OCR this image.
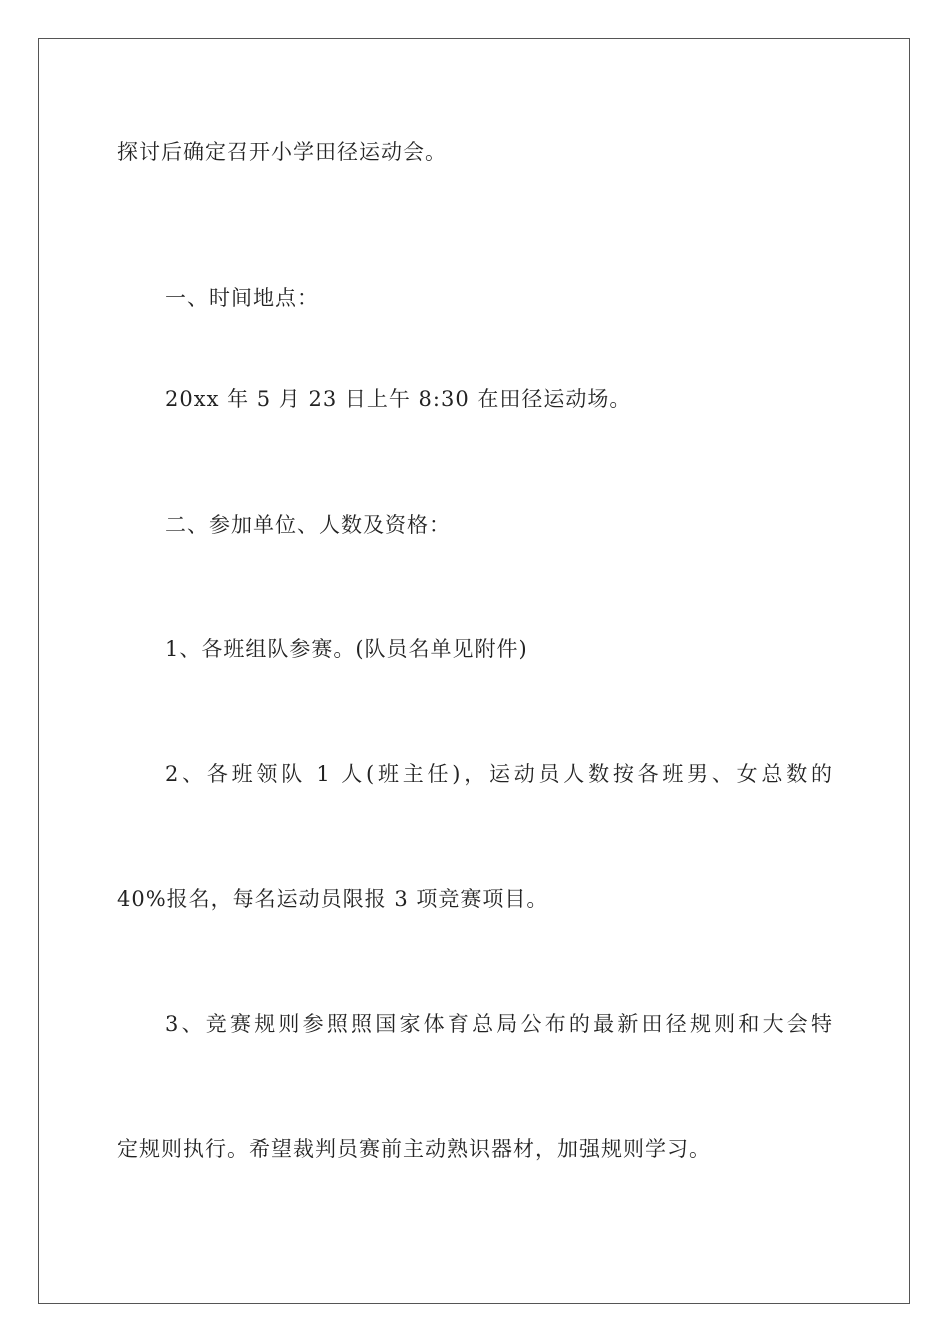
探讨后确定召开小学田径运动会。

一、时间地点：

20xx 年 5 月 23 日上午 8:30 在田径运动场。

二、参加单位、人数及资格：

1、各班组队参赛。(队员名单见附件)

2、各班领队 1 人(班主任)，运动员人数按各班男、女总数的

40%报名，每名运动员限报 3 项竞赛项目。

3、竞赛规则参照照国家体育总局公布的最新田径规则和大会特

定规则执行。希望裁判员赛前主动熟识器材，加强规则学习。
